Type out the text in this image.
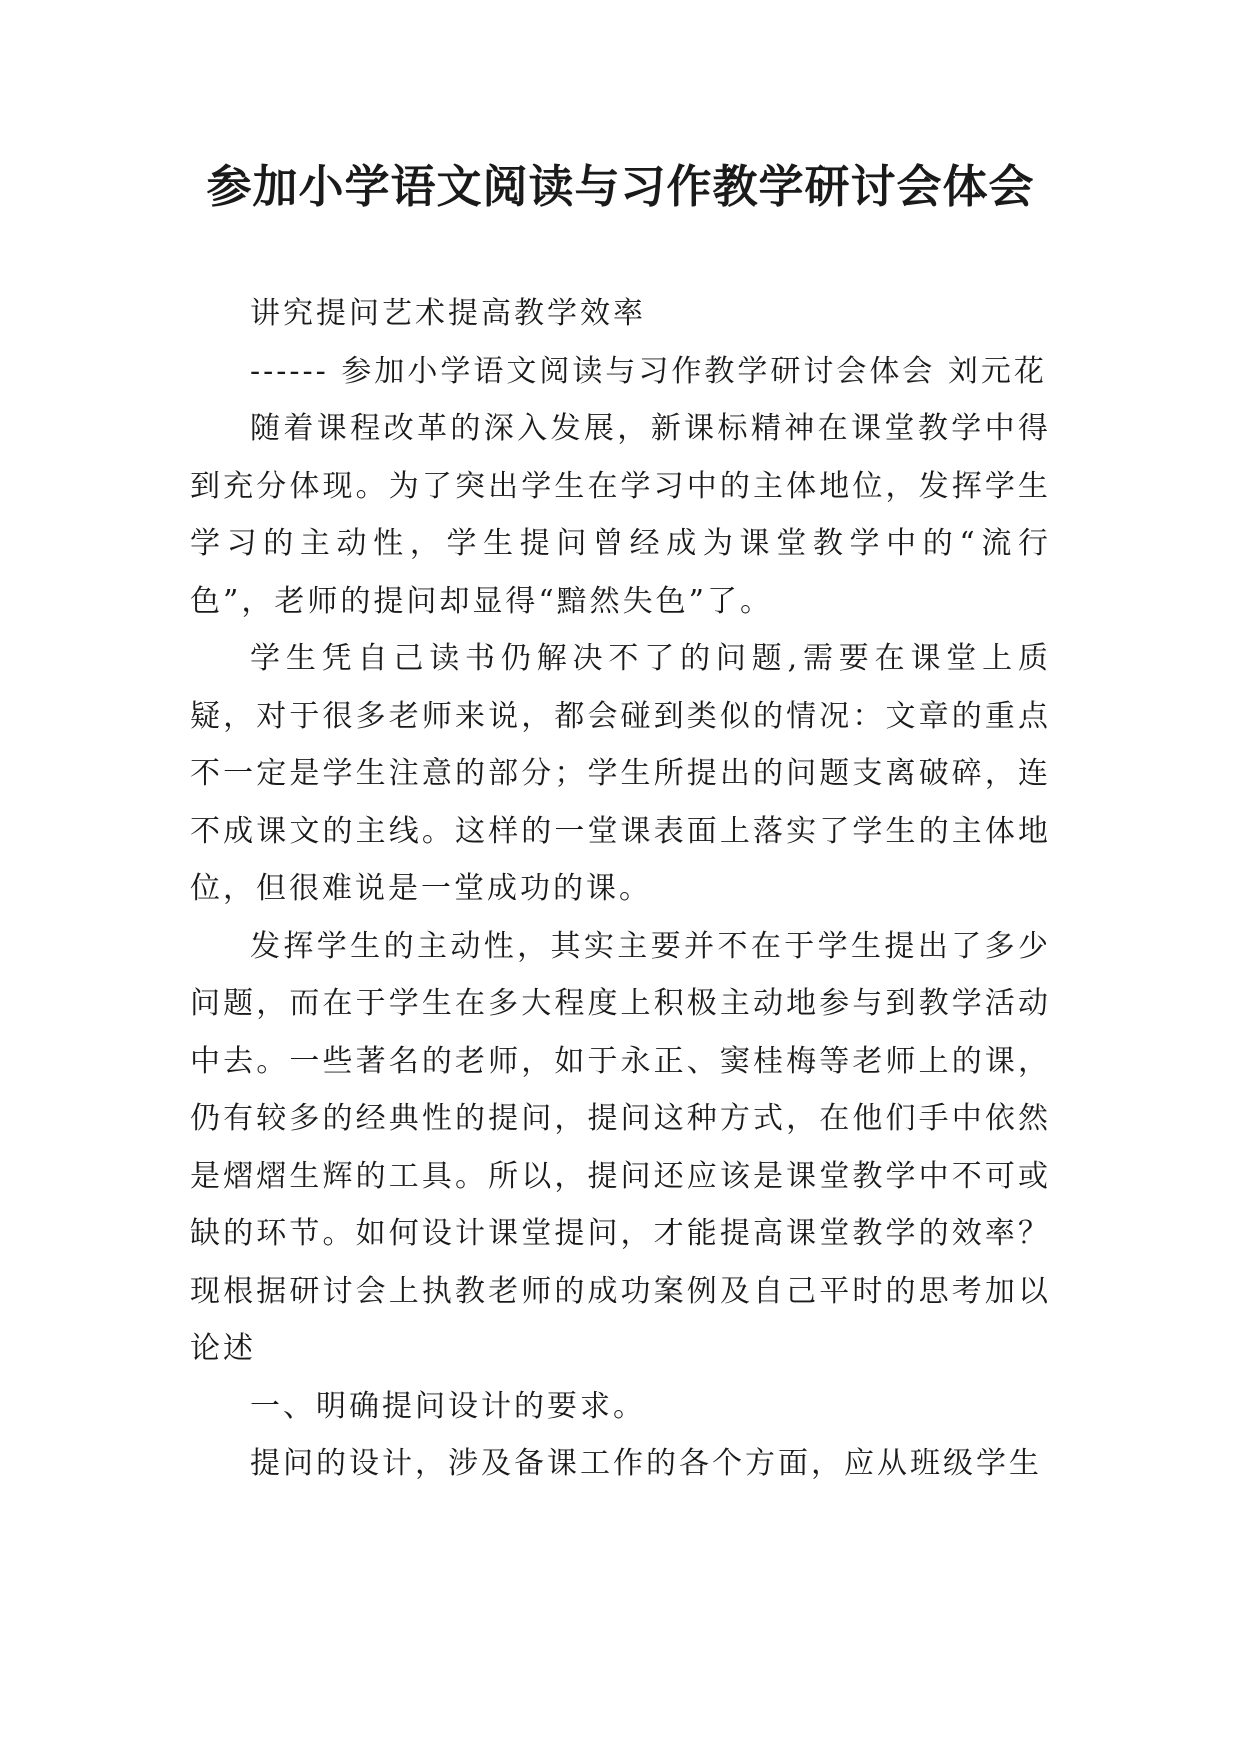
参加小学语文阅读与习作教学研讨会体会

讲究提问艺术提高教学效率

------ 参加小学语文阅读与习作教学研讨会体会 刘元花

随着课程改革的深入发展，新课标精神在课堂教学中得到充分体现。为了突出学生在学习中的主体地位，发挥学生学习的主动性，学生提问曾经成为课堂教学中的“流行色”，老师的提问却显得“黯然失色”了。

学生凭自己读书仍解决不了的问题,需要在课堂上质疑，对于很多老师来说，都会碰到类似的情况：文章的重点不一定是学生注意的部分；学生所提出的问题支离破碎，连不成课文的主线。这样的一堂课表面上落实了学生的主体地位，但很难说是一堂成功的课。

发挥学生的主动性，其实主要并不在于学生提出了多少问题，而在于学生在多大程度上积极主动地参与到教学活动中去。一些著名的老师，如于永正、窦桂梅等老师上的课，仍有较多的经典性的提问，提问这种方式，在他们手中依然是熠熠生辉的工具。所以，提问还应该是课堂教学中不可或缺的环节。如何设计课堂提问，才能提高课堂教学的效率？现根据研讨会上执教老师的成功案例及自己平时的思考加以论述

一、明确提问设计的要求。

提问的设计，涉及备课工作的各个方面，应从班级学生
